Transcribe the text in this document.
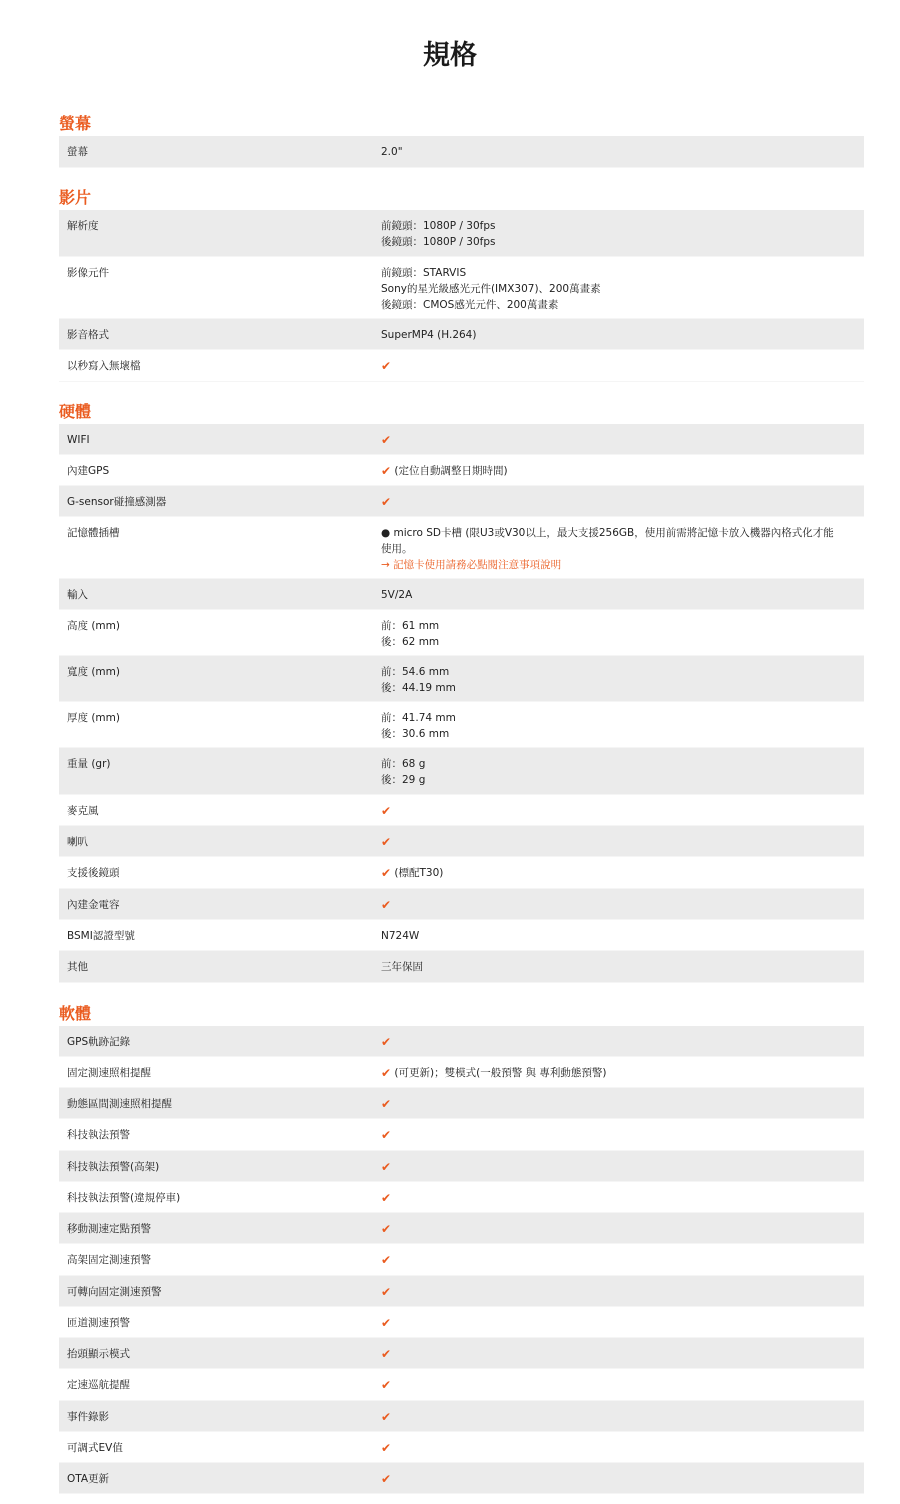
規格
螢幕
螢幕	2.0"
影片
解析度	前鏡頭：1080P / 30fps
後鏡頭：1080P / 30fps
影像元件	前鏡頭：STARVIS
Sony的星光級感光元件(IMX307)、200萬畫素
後鏡頭：CMOS感光元件、200萬畫素
影音格式	SuperMP4 (H.264)
以秒寫入無壞檔	✔
硬體
WIFI	✔
內建GPS	✔ (定位自動調整日期時間)
G-sensor碰撞感測器	✔
記憶體插槽	● micro SD卡槽 (限U3或V30以上，最大支援256GB，使用前需將記憶卡放入機器內格式化才能使用。
→ 記憶卡使用請務必點閱注意事項說明
輸入	5V/2A
高度 (mm)	前：61 mm
後：62 mm
寬度 (mm)	前：54.6 mm
後：44.19 mm
厚度 (mm)	前：41.74 mm
後：30.6 mm
重量 (gr)	前：68 g
後：29 g
麥克風	✔
喇叭	✔
支援後鏡頭	✔ (標配T30)
內建金電容	✔
BSMI認證型號	N724W
其他	三年保固
軟體
GPS軌跡記錄	✔
固定測速照相提醒	✔ (可更新)；雙模式(一般預警 與 專利動態預警)
動態區間測速照相提醒	✔
科技執法預警	✔
科技執法預警(高架)	✔
科技執法預警(違規停車)	✔
移動測速定點預警	✔
高架固定測速預警	✔
可轉向固定測速預警	✔
匝道測速預警	✔
抬頭顯示模式	✔
定速巡航提醒	✔
事件錄影	✔
可調式EV值	✔
OTA更新	✔
